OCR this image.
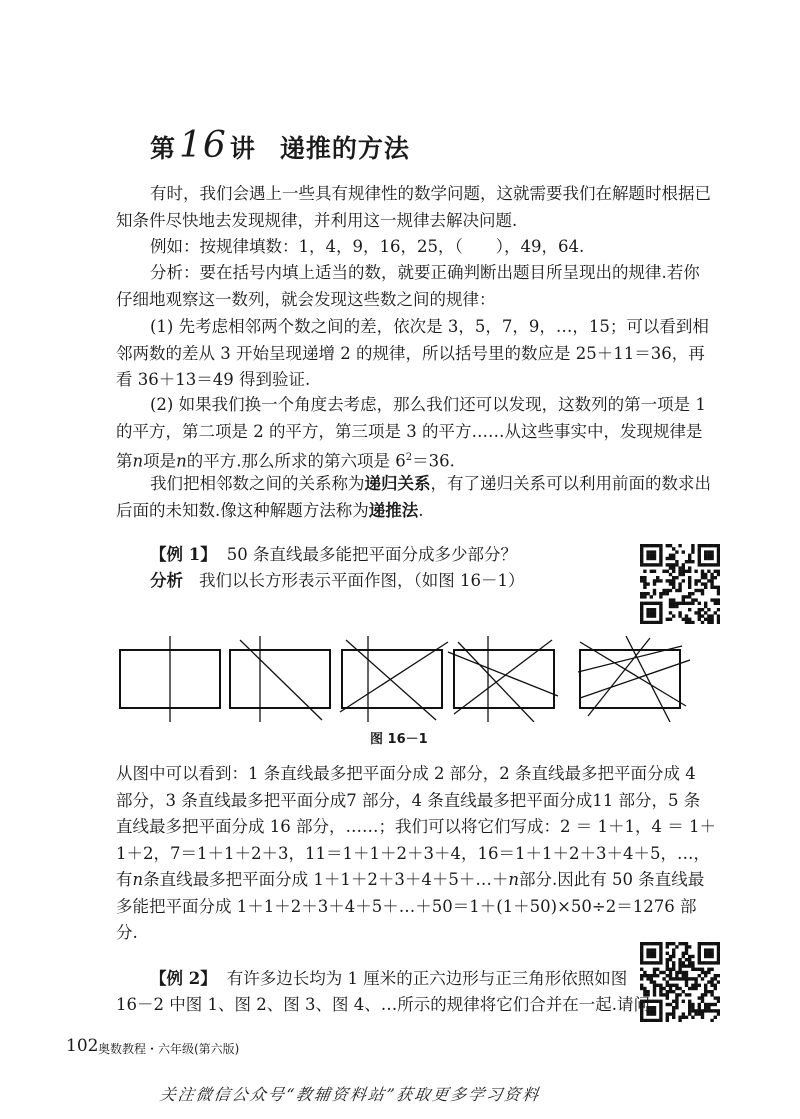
第16 讲 递推的方法

有时，我们会遇上一些具有规律性的数学问题，这就需要我们在解题时根据已知条件尽快地去发现规律，并利用这一规律去解决问题.

例如：按规律填数：1，4，9，16，25，（　　），49，64.

分析：要在括号内填上适当的数，就要正确判断出题目所呈现出的规律.若你仔细地观察这一数列，就会发现这些数之间的规律：

(1) 先考虑相邻两个数之间的差，依次是 3，5，7，9，…，15；可以看到相邻两数的差从 3 开始呈现递增 2 的规律，所以括号里的数应是 25＋11＝36，再看 36＋13＝49 得到验证.

(2) 如果我们换一个角度去考虑，那么我们还可以发现，这数列的第一项是 1 的平方，第二项是 2 的平方，第三项是 3 的平方……从这些事实中，发现规律是第n项是n的平方.那么所求的第六项是 $6^2=36$.

我们把相邻数之间的关系称为递归关系，有了递归关系可以利用前面的数求出后面的未知数.像这种解题方法称为递推法.

【例 1】 50 条直线最多能把平面分成多少部分？
分析 我们以长方形表示平面作图，（如图 16－1）
图 16－1

从图中可以看到：1 条直线最多把平面分成 2 部分，2 条直线最多把平面分成 4 部分，3 条直线最多把平面分成7 部分，4 条直线最多把平面分成11 部分，5 条直线最多把平面分成 16 部分，……；我们可以将它们写成：2 ＝ 1＋1，4 ＝ 1＋1＋2，7＝1＋1＋2＋3，11＝1＋1＋2＋3＋4，16＝1＋1＋2＋3＋4＋5，…，有n条直线最多把平面分成 1＋1＋2＋3＋4＋5＋…＋n部分.因此有 50 条直线最多能把平面分成 1＋1＋2＋3＋4＋5＋…＋50＝1＋(1＋50)×50÷2＝1276 部分.

【例 2】 有许多边长均为 1 厘米的正六边形与正三角形依照如图
16－2 中图 1、图 2、图 3、图 4、…所示的规律将它们合并在一起.请问
102 奥数教程・六年级(第六版)
关注微信公众号“教辅资料站”获取更多学习资料
